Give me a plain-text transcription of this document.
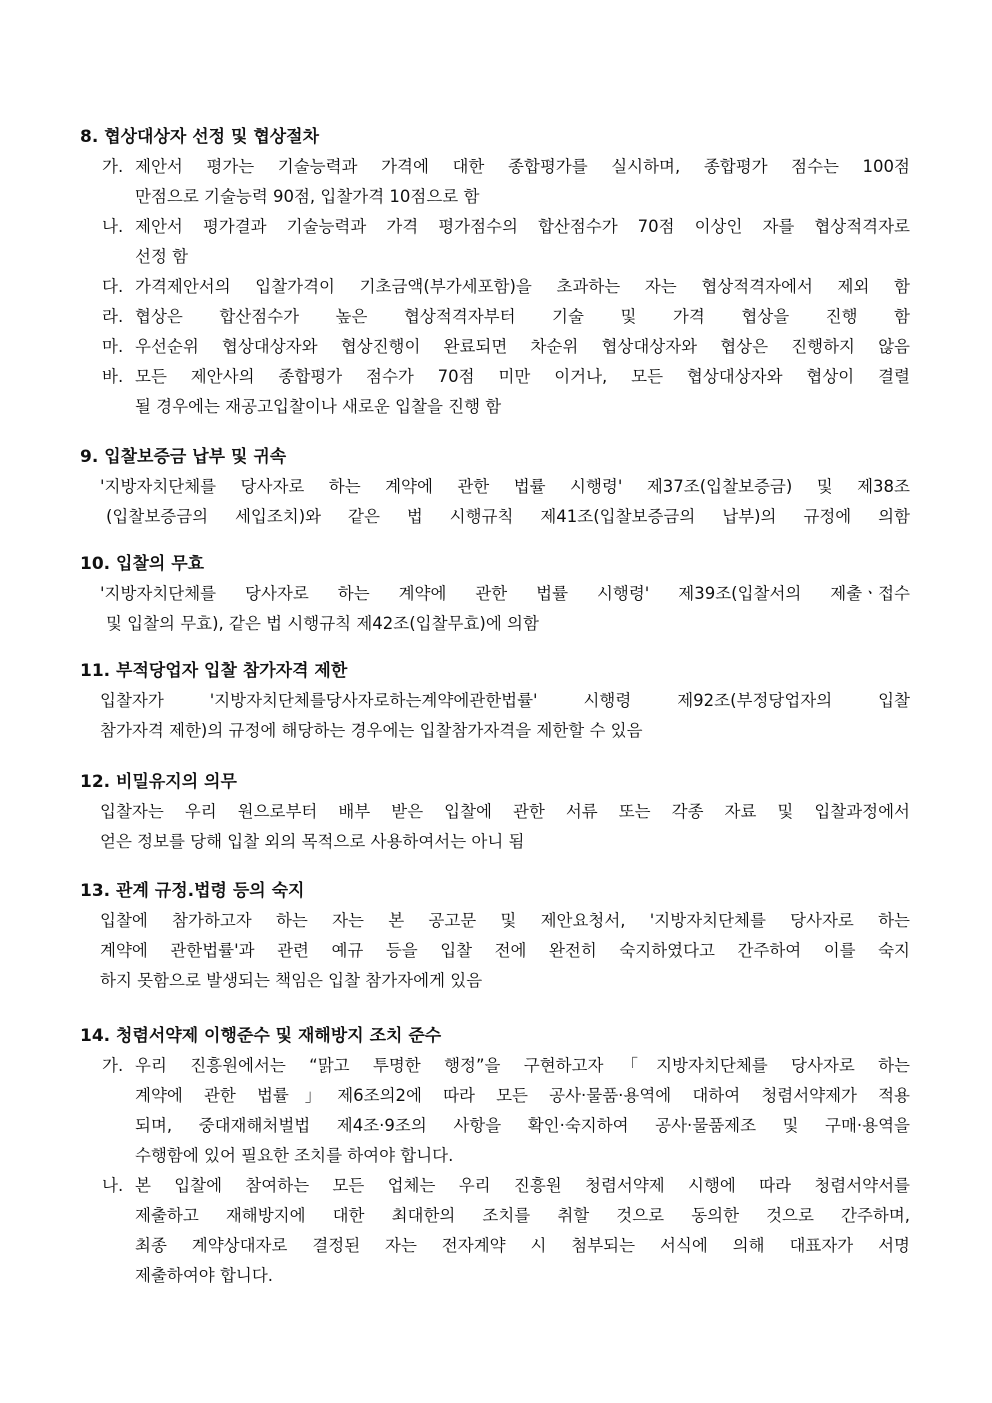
8. 협상대상자 선정 및 협상절차
가. 제안서 평가는 기술능력과 가격에 대한 종합평가를 실시하며, 종합평가 점수는 100점
만점으로 기술능력 90점, 입찰가격 10점으로 함
나. 제안서 평가결과 기술능력과 가격 평가점수의 합산점수가 70점 이상인 자를 협상적격자로
선정 함
다. 가격제안서의 입찰가격이 기초금액(부가세포함)을 초과하는 자는 협상적격자에서 제외 함
라. 협상은 합산점수가 높은 협상적격자부터 기술 및 가격 협상을 진행 함
마. 우선순위 협상대상자와 협상진행이 완료되면 차순위 협상대상자와 협상은 진행하지 않음
바. 모든 제안사의 종합평가 점수가 70점 미만 이거나, 모든 협상대상자와 협상이 결렬
될 경우에는 재공고입찰이나 새로운 입찰을 진행 함
9. 입찰보증금 납부 및 귀속
'지방자치단체를 당사자로 하는 계약에 관한 법률 시행령' 제37조(입찰보증금) 및 제38조
(입찰보증금의 세입조치)와 같은 법 시행규칙 제41조(입찰보증금의 납부)의 규정에 의함
10. 입찰의 무효
'지방자치단체를 당사자로 하는 계약에 관한 법률 시행령' 제39조(입찰서의 제출ㆍ접수
및 입찰의 무효), 같은 법 시행규칙 제42조(입찰무효)에 의함
11. 부적당업자 입찰 참가자격 제한
입찰자가 '지방자치단체를당사자로하는계약에관한법률' 시행령 제92조(부정당업자의 입찰
참가자격 제한)의 규정에 해당하는 경우에는 입찰참가자격을 제한할 수 있음
12. 비밀유지의 의무
입찰자는 우리 원으로부터 배부 받은 입찰에 관한 서류 또는 각종 자료 및 입찰과정에서
얻은 정보를 당해 입찰 외의 목적으로 사용하여서는 아니 됨
13. 관계 규정.법령 등의 숙지
입찰에 참가하고자 하는 자는 본 공고문 및 제안요청서, '지방자치단체를 당사자로 하는
계약에 관한법률'과 관련 예규 등을 입찰 전에 완전히 숙지하였다고 간주하여 이를 숙지
하지 못함으로 발생되는 책임은 입찰 참가자에게 있음
14. 청렴서약제 이행준수 및 재해방지 조치 준수
가. 우리 진흥원에서는 “맑고 투명한 행정”을 구현하고자「지방자치단체를 당사자로 하는
계약에 관한 법률」제6조의2에 따라 모든 공사·물품·용역에 대하여 청렴서약제가 적용
되며, 중대재해처벌법 제4조·9조의 사항을 확인·숙지하여 공사·물품제조 및 구매·용역을
수행함에 있어 필요한 조치를 하여야 합니다.
나. 본 입찰에 참여하는 모든 업체는 우리 진흥원 청렴서약제 시행에 따라 청렴서약서를
제출하고 재해방지에 대한 최대한의 조치를 취할 것으로 동의한 것으로 간주하며,
최종 계약상대자로 결정된 자는 전자계약 시 첨부되는 서식에 의해 대표자가 서명
제출하여야 합니다.
